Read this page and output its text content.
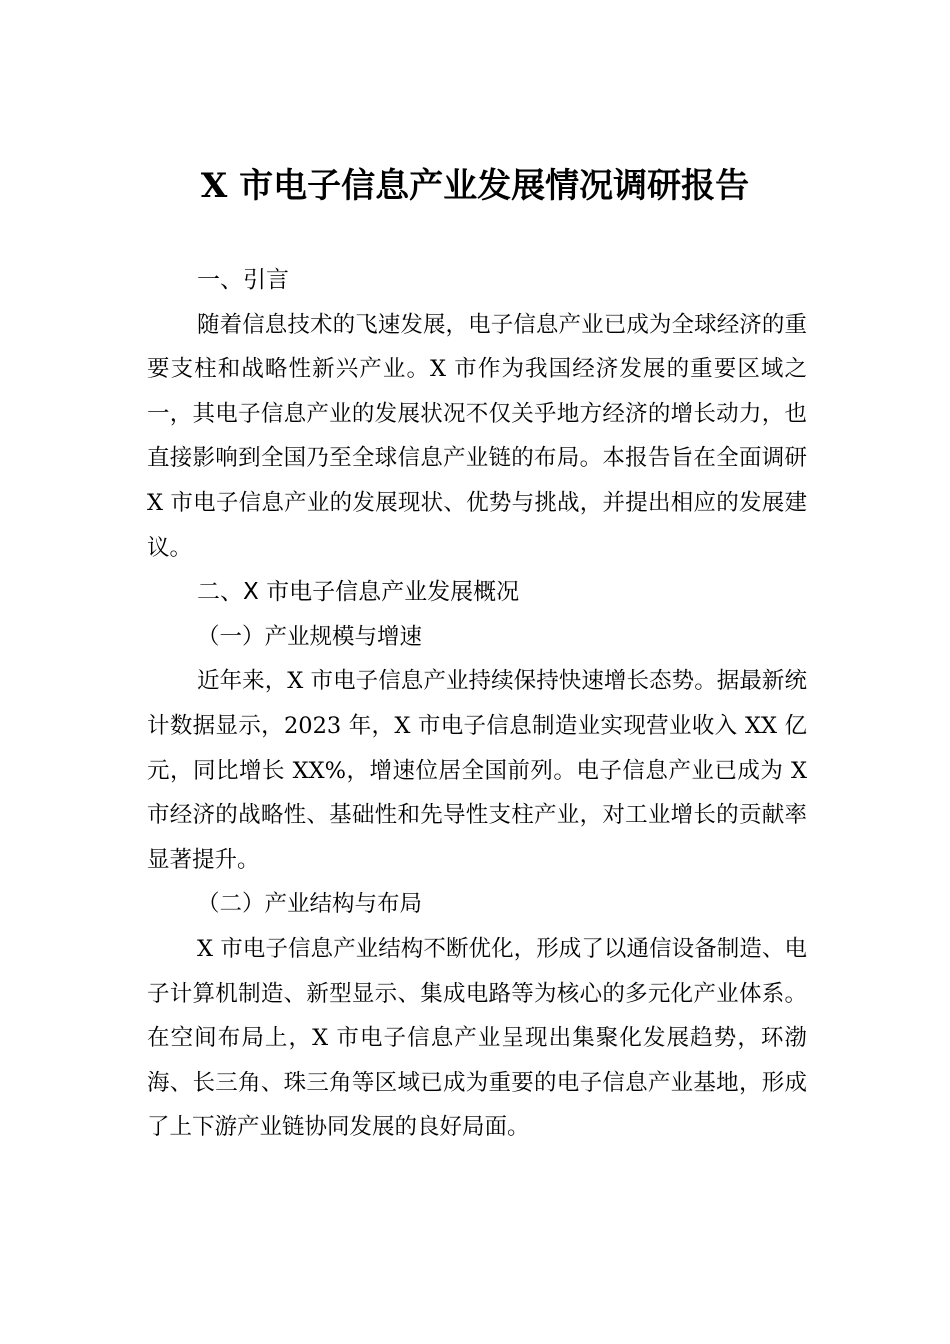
X 市电子信息产业发展情况调研报告
一、引言

随着信息技术的飞速发展，电子信息产业已成为全球经济的重要支柱和战略性新兴产业。X 市作为我国经济发展的重要区域之一，其电子信息产业的发展状况不仅关乎地方经济的增长动力，也直接影响到全国乃至全球信息产业链的布局。本报告旨在全面调研 X 市电子信息产业的发展现状、优势与挑战，并提出相应的发展建议。

二、X 市电子信息产业发展概况
（一）产业规模与增速

近年来，X 市电子信息产业持续保持快速增长态势。据最新统计数据显示，2023 年，X 市电子信息制造业实现营业收入 XX 亿元，同比增长 XX%，增速位居全国前列。电子信息产业已成为 X 市经济的战略性、基础性和先导性支柱产业，对工业增长的贡献率显著提升。

（二）产业结构与布局

X 市电子信息产业结构不断优化，形成了以通信设备制造、电子计算机制造、新型显示、集成电路等为核心的多元化产业体系。在空间布局上，X 市电子信息产业呈现出集聚化发展趋势，环渤海、长三角、珠三角等区域已成为重要的电子信息产业基地，形成了上下游产业链协同发展的良好局面。
